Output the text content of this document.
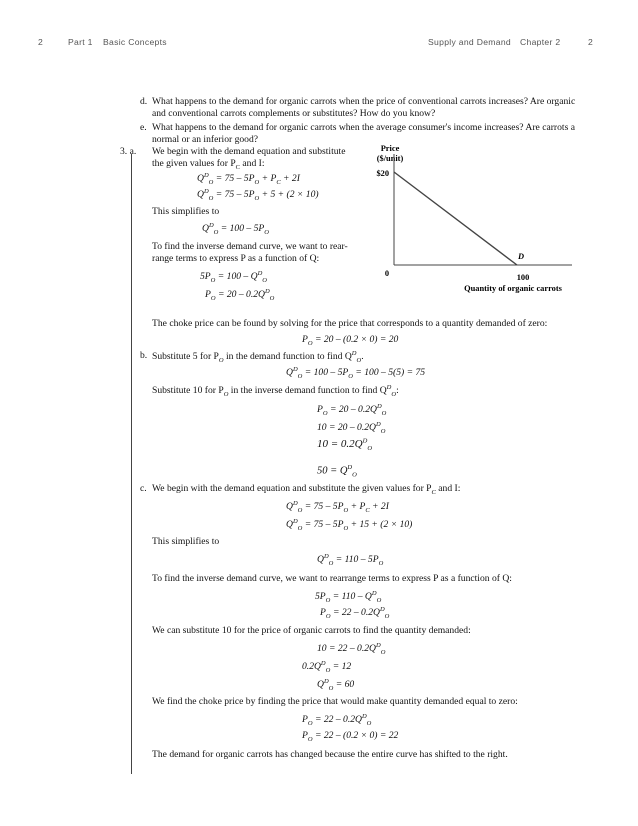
2	Part 1 Basic Concepts	Supply and Demand Chapter 2	2
d. What happens to the demand for organic carrots when the price of conventional carrots increases? Are organic and conventional carrots complements or substitutes? How do you know?
e. What happens to the demand for organic carrots when the average consumer's income increases? Are carrots a normal or an inferior good?
3. a. We begin with the demand equation and substitute
the given values for $P_C$ and I:
$Q^D_O = 75 - 5P_O + P_C + 2I$
$Q^D_O = 75 - 5P_O + 5 + (2 \times 10)$
This simplifies to
$Q^D_O = 100 - 5P_O$
To find the inverse demand curve, we want to rear-
range terms to express P as a function of Q:
$5P_O = 100 - Q^D_O$
$P_O = 20 - 0.2Q^D_O$
The choke price can be found by solving for the price that corresponds to a quantity demanded of zero:
$P_O = 20 - (0.2 \times 0) = 20$
Price
($/unit)
$20
D
0	100
Quantity of organic carrots
b. Substitute 5 for $P_O$ in the demand function to find $Q^D_O$.
$Q^D_O = 100 - 5P_O = 100 - 5(5) = 75$
Substitute 10 for $P_O$ in the inverse demand function to find $Q^D_O$:
$P_O = 20 - 0.2Q^D_O$
$10 = 20 - 0.2Q^D_O$
$10 = 0.2Q^D_O$
$50 = Q^D_O$
c. We begin with the demand equation and substitute the given values for $P_C$ and I:
$Q^D_O = 75 - 5P_O + P_C + 2I$
$Q^D_O = 75 - 5P_O + 15 + (2 \times 10)$
This simplifies to
$Q^D_O = 110 - 5P_O$
To find the inverse demand curve, we want to rearrange terms to express P as a function of Q:
$5P_O = 110 - Q^D_O$
$P_O = 22 - 0.2Q^D_O$
We can substitute 10 for the price of organic carrots to find the quantity demanded:
$10 = 22 - 0.2Q^D_O$
$0.2Q^D_O = 12$
$Q^D_O = 60$
We find the choke price by finding the price that would make quantity demanded equal to zero:
$P_O = 22 - 0.2Q^D_O$
$P_O = 22 - (0.2 \times 0) = 22$
The demand for organic carrots has changed because the entire curve has shifted to the right.
